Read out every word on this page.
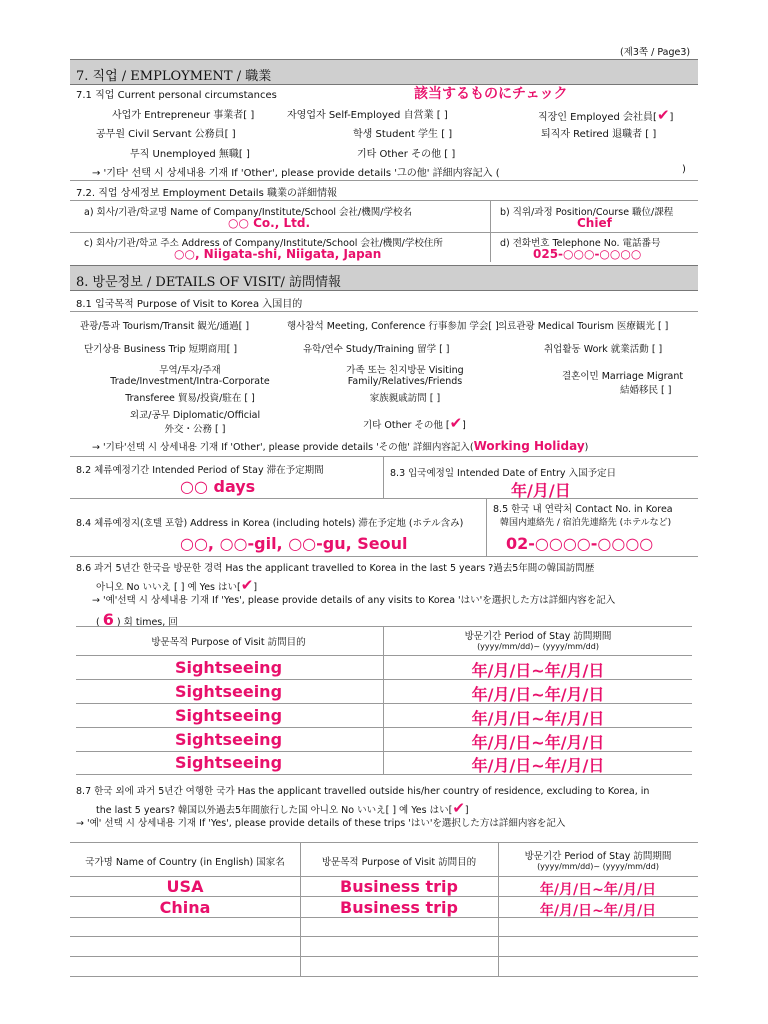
(제3쪽 / Page3)
7. 직업 / EMPLOYMENT / 職業
該当するものにチェック
7.1 직업 Current personal circumstances
사업가 Entrepreneur 事業者[ ]	자영업자 Self-Employed 自営業 [ ]	직장인 Employed 会社員[✔]
공무원 Civil Servant 公務員[ ]	학생 Student 学生 [ ]	퇴직자 Retired 退職者 [ ]
무직 Unemployed 無職[ ]	기타 Other その他 [ ]
→ '기타' 선택 시 상세내용 기재 If 'Other', please provide details '그の他' 詳細内容記入 (	)
7.2. 직업 상세정보 Employment Details 職業の詳細情報
a) 회사/기관/학교명 Name of Company/Institute/School 会社/機関/学校名
○○ Co., Ltd.
b) 직위/과정 Position/Course 職位/課程
Chief
c) 회사/기관/학교 주소 Address of Company/Institute/School 会社/機関/学校住所
○○, Niigata-shi, Niigata, Japan
d) 전화번호 Telephone No. 電話番号
025-○○○-○○○○
8. 방문정보 / DETAILS OF VISIT/ 訪問情報
8.1 입국목적 Purpose of Visit to Korea 入国目的
관광/통과 Tourism/Transit 観光/通過[ ]	행사참석 Meeting, Conference 行事参加 学会[ ] 의료관광 Medical Tourism 医療観光 [ ]
단기상용 Business Trip 短期商用[ ]	유학/연수 Study/Training 留学 [ ]	취업활동 Work 就業活動 [ ]
무역/투자/주재
Trade/Investment/Intra-Corporate
Transferee 貿易/投資/駐在 [ ]
가족 또는 친지방문 Visiting
Family/Relatives/Friends
家族親戚訪問 [ ]
결혼이민 Marriage Migrant
結婚移民 [ ]
외교/공무 Diplomatic/Official
外交・公務 [ ]	기타 Other その他 [✔]
→ '기타'선택 시 상세내용 기재 If 'Other', please provide details 'その他' 詳細内容記入(Working Holiday)
8.2 체류예정기간 Intended Period of Stay 滞在予定期間
○○ days
8.3 입국예정일 Intended Date of Entry 入国予定日
年/月/日
8.4 체류예정지(호텔 포함) Address in Korea (including hotels) 滞在予定地 (ホテル含み)
○○, ○○-gil, ○○-gu, Seoul
8.5 한국 내 연락처 Contact No. in Korea
韓国内連絡先 / 宿泊先連絡先 (ホテルなど)
02-○○○○-○○○○
8.6 과거 5년간 한국을 방문한 경력 Has the applicant travelled to Korea in the last 5 years ?過去5年間の韓国訪問歴
아니오 No いいえ [ ] 예 Yes はい[✔]
→ '예'선택 시 상세내용 기재 If 'Yes', please provide details of any visits to Korea 'はい'を選択した方は詳細内容を記入
( 6 ) 회 times, 回
방문목적 Purpose of Visit 訪問目的
방문기간 Period of Stay 訪問期間
(yyyy/mm/dd)~ (yyyy/mm/dd)
Sightseeing	年/月/日~年/月/日
Sightseeing	年/月/日~年/月/日
Sightseeing	年/月/日~年/月/日
Sightseeing	年/月/日~年/月/日
Sightseeing	年/月/日~年/月/日
8.7 한국 외에 과거 5년간 여행한 국가 Has the applicant travelled outside his/her country of residence, excluding to Korea, in
the last 5 years? 韓国以外過去5年間旅行した国 아니오 No いいえ[ ] 예 Yes はい[✔]
→ '예' 선택 시 상세내용 기재 If 'Yes', please provide details of these trips 'はい'を選択した方は詳細内容を記入
국가명 Name of Country (in English) 国家名	방문목적 Purpose of Visit 訪問目的
방문기간 Period of Stay 訪問期間
(yyyy/mm/dd)~ (yyyy/mm/dd)
USA	Business trip	年/月/日~年/月/日
China	Business trip	年/月/日~年/月/日
